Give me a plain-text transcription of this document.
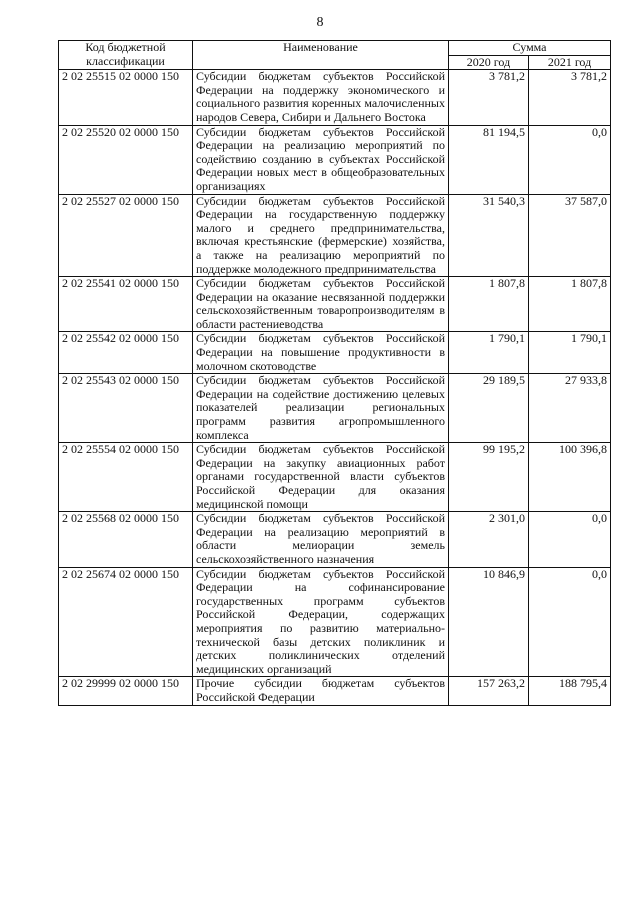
8
Код бюджетной классификации	Наименование	Сумма	
		2020 год	2021 год
2 02 25515 02 0000 150	Субсидии бюджетам субъектов Российской Федерации на поддержку экономического и социального развития коренных малочисленных народов Севера, Сибири и Дальнего Востока	3 781,2	3 781,2
2 02 25520 02 0000 150	Субсидии бюджетам субъектов Российской Федерации на реализацию мероприятий по содействию созданию в субъектах Российской Федерации новых мест в общеобразовательных организациях	81 194,5	0,0
2 02 25527 02 0000 150	Субсидии бюджетам субъектов Российской Федерации на государственную поддержку малого и среднего предпринимательства, включая крестьянские (фермерские) хозяйства, а также на реализацию мероприятий по поддержке молодежного предпринимательства	31 540,3	37 587,0
2 02 25541 02 0000 150	Субсидии бюджетам субъектов Российской Федерации на оказание несвязанной поддержки сельскохозяйственным товаропроизводителям в области растениеводства	1 807,8	1 807,8
2 02 25542 02 0000 150	Субсидии бюджетам субъектов Российской Федерации на повышение продуктивности в молочном скотоводстве	1 790,1	1 790,1
2 02 25543 02 0000 150	Субсидии бюджетам субъектов Российской Федерации на содействие достижению целевых показателей реализации региональных программ развития агропромышленного комплекса	29 189,5	27 933,8
2 02 25554 02 0000 150	Субсидии бюджетам субъектов Российской Федерации на закупку авиационных работ органами государственной власти субъектов Российской Федерации для оказания медицинской помощи	99 195,2	100 396,8
2 02 25568 02 0000 150	Субсидии бюджетам субъектов Российской Федерации на реализацию мероприятий в области мелиорации земель сельскохозяйственного назначения	2 301,0	0,0
2 02 25674 02 0000 150	Субсидии бюджетам субъектов Российской Федерации на софинансирование государственных программ субъектов Российской Федерации, содержащих мероприятия по развитию материально-технической базы детских поликлиник и детских поликлинических отделений медицинских организаций	10 846,9	0,0
2 02 29999 02 0000 150	Прочие субсидии бюджетам субъектов Российской Федерации	157 263,2	188 795,4
